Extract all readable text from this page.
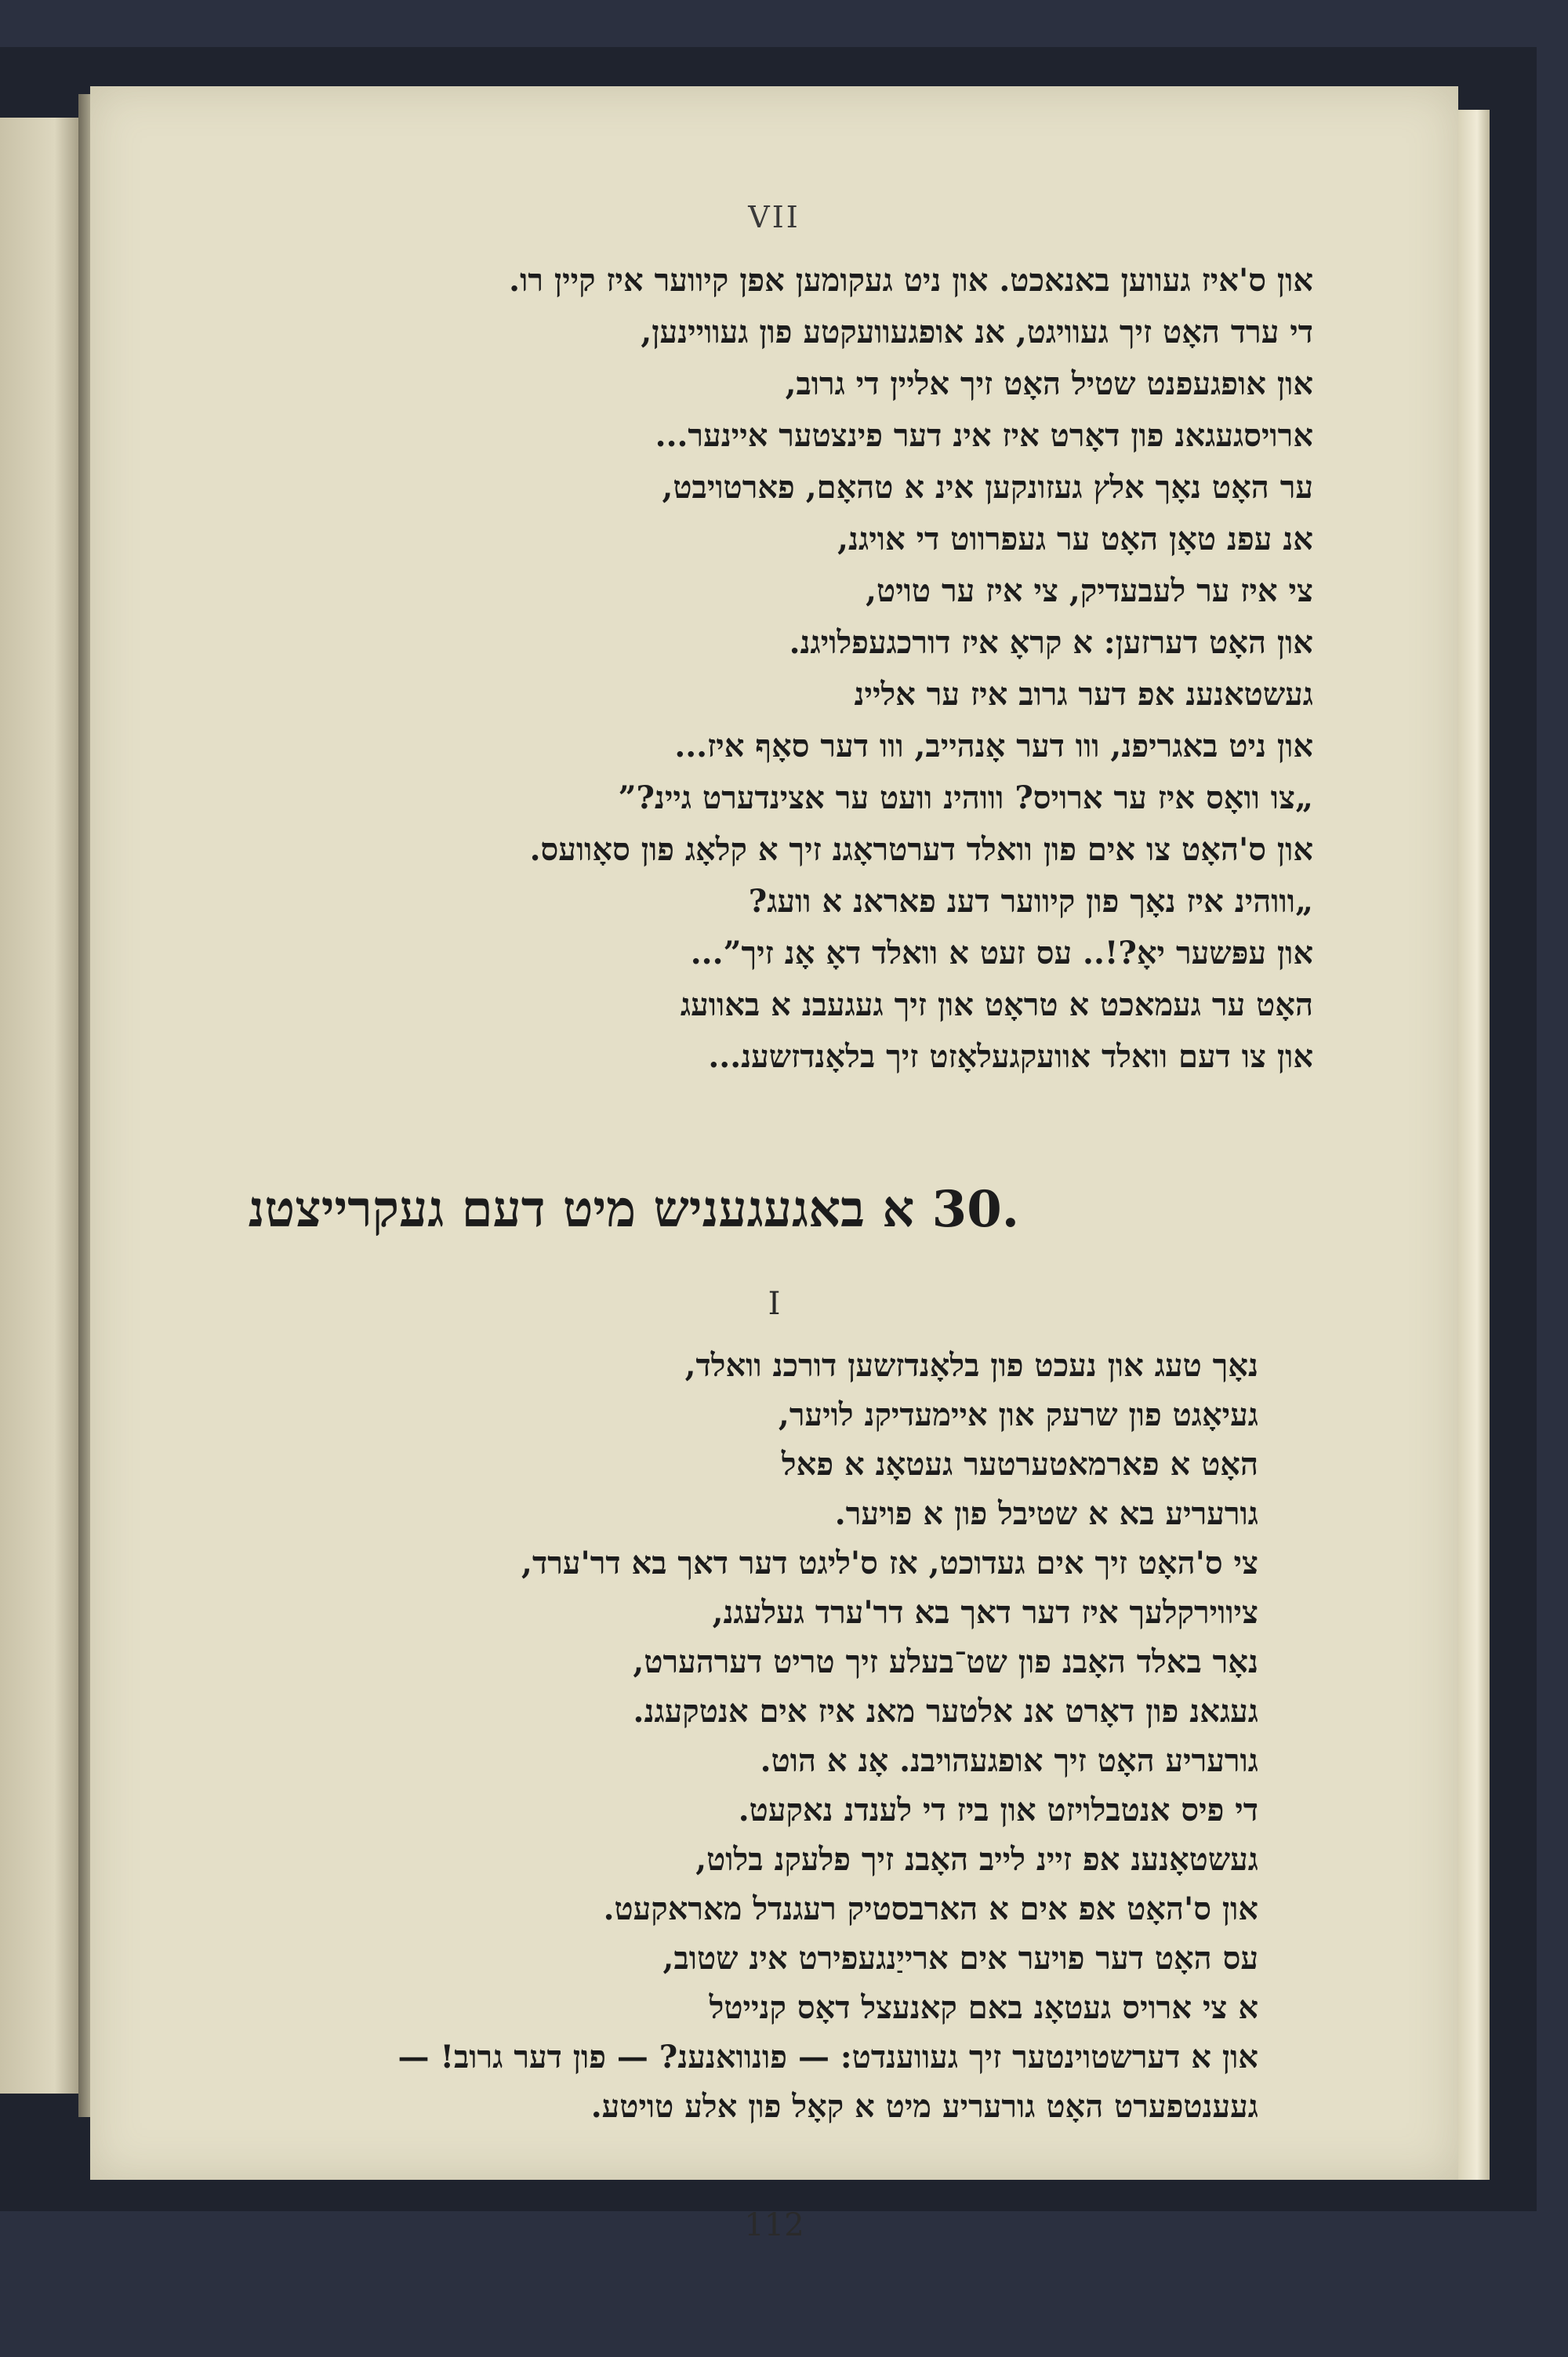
VII
און ס'איז געווען באנאכט. און ניט געקומען אפן קיווער איז קיין רו.
די ערד האָט זיך געוויגט, אנ אופגעוועקטע פון געוויינען,
און אופגעפנט שטיל האָט זיך אליין די גרוב,
ארויסגעגאנ פון דאָרט איז אינ דער פינצטער איינער...
ער האָט נאָך אלץ געזונקען אינ א טהאָם, פארטויבט,
אנ עפנ טאָן האָט ער געפרווט די אויגנ,
צי איז ער לעבעדיק, צי איז ער טויט,
און האָט דערזען: א קראָ איז דורכגעפלויגנ.
געשטאנענ אפ דער גרוב איז ער אליינ
און ניט באגריפנ, ווו דער אָנהייב, ווו דער סאָף איז...
„צו וואָס איז ער ארויס? וווהינ וועט ער אצינדערט גיינ?”
און ס'האָט צו אים פון וואלד דערטראָגנ זיך א קלאָג פון סאָוועס.
„וווהינ איז נאָך פון קיווער דענ פאראנ א וועג?
און עפּשער יאָ?!.. עס זעט א וואלד דאָ אָנ זיך”...
האָט ער געמאכט א טראָט און זיך געגעבנ א באוועג
און צו דעם וואלד אוועקגעלאָזט זיך בלאָנדזשענ...
.30 א באגעגעניש מיט דעם געקרייצטנ
I
נאָך טעג און נעכט פון בלאָנדזשען דורכנ וואלד,
געיאָגט פון שרעק און איימעדיקנ לויער,
האָט א פארמאטערטער געטאָנ א פאל
גורעריע בא א שטיבל פון א פויער.
צי ס'האָט זיך אים געדוכט, אז ס'ליגט דער דאך בא דר'ערד,
ציווירקלעך איז דער דאך בא דר'ערד געלעגנ,
נאָר באלד האָבנ פון שט־בעלע זיך טריט דערהערט,
געגאנ פון דאָרט אנ אלטער מאנ איז אים אנטקעגנ.
גורעריע האָט זיך אופגעהויבנ. אָנ א הוט.
די פיס אנטבלויזט און ביז די לענדנ נאקעט.
געשטאָנענ אפ זיינ לייב האָבנ זיך פלעקנ בלוט,
און ס'האָט אפ אים א הארבסטיק רעגנדל מאראקעט.
עס האָט דער פויער אים ארייַנגעפירט אינ שטוב,
א צי ארויס געטאָנ באם קאנעצל דאָס קנייטל
און א דערשטוינטער זיך געווענדט: — פונוואנענ? — פון דער גרוב! —
געענטפערט האָט גורעריע מיט א קאָל פון אלע טויטע.
112
